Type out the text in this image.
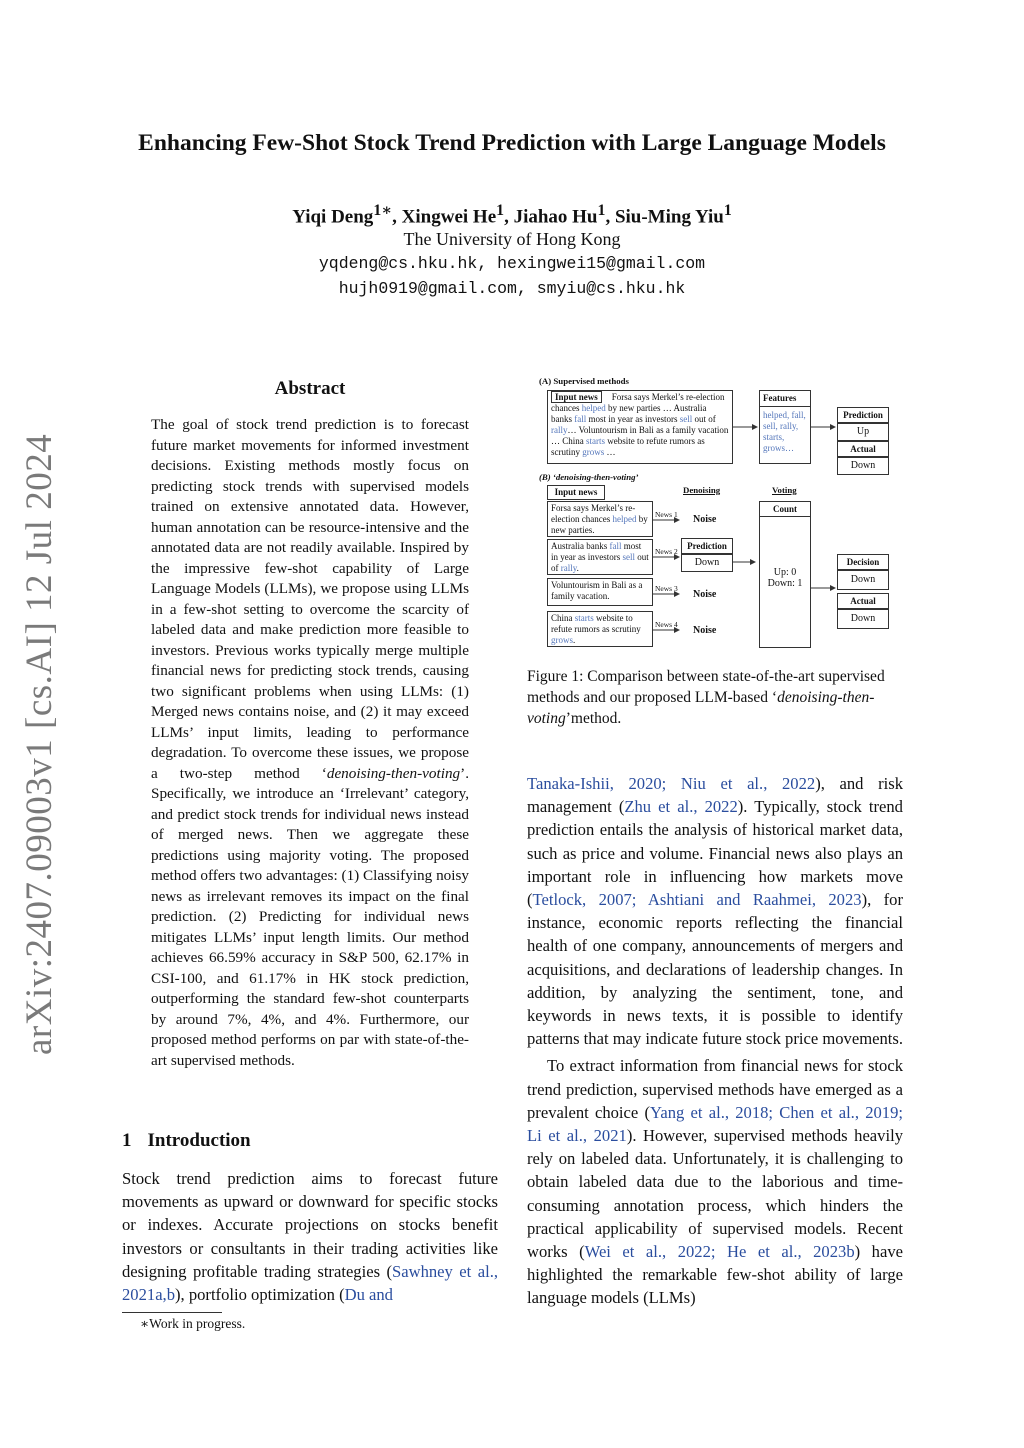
Enhancing Few-Shot Stock Trend Prediction with Large Language Models
Yiqi Deng$^{1∗}$, Xingwei He$^1$, Jiahao Hu$^1$, Siu-Ming Yiu$^1$
The University of Hong Kong
yqdeng@cs.hku.hk, hexingwei15@gmail.com
hujh0919@gmail.com, smyiu@cs.hku.hk
arXiv:2407.09003v1 [cs.AI] 12 Jul 2024
Abstract

The goal of stock trend prediction is to forecast future market movements for informed investment decisions. Existing methods mostly focus on predicting stock trends with supervised models trained on extensive annotated data. However, human annotation can be resource-intensive and the annotated data are not readily available. Inspired by the impressive few-shot capability of Large Language Models (LLMs), we propose using LLMs in a few-shot setting to overcome the scarcity of labeled data and make prediction more feasible to investors. Previous works typically merge multiple financial news for predicting stock trends, causing two significant problems when using LLMs: (1) Merged news contains noise, and (2) it may exceed LLMs’ input limits, leading to performance degradation. To overcome these issues, we propose a two-step method ‘denoising-then-voting’. Specifically, we introduce an ‘Irrelevant’ category, and predict stock trends for individual news instead of merged news. Then we aggregate these predictions using majority voting. The proposed method offers two advantages: (1) Classifying noisy news as irrelevant removes its impact on the final prediction. (2) Predicting for individual news mitigates LLMs’ input length limits. Our method achieves 66.59% accuracy in S&P 500, 62.17% in CSI-100, and 61.17% in HK stock prediction, outperforming the standard few-shot counterparts by around 7%, 4%, and 4%. Furthermore, our proposed method performs on par with state-of-the-art supervised methods.

1 Introduction

Stock trend prediction aims to forecast future movements as upward or downward for specific stocks or indexes. Accurate projections on stocks benefit investors or consultants in their trading activities like designing profitable trading strategies (Sawhney et al., 2021a,b), portfolio optimization (Du and

∗Work in progress.
(A) Supervised methods
Input news Forsa says Merkel’s re-election chances helped by new parties … Australia banks fall most in year as investors sell out of rally… Voluntourism in Bali as a family vacation … China starts website to refute rumors as scrutiny grows …
Features
helped, fall, sell, rally, starts, grows…
Prediction
Up
Actual
Down
(B) ‘denoising-then-voting’
Input news	Denoising	Voting
Forsa says Merkel’s re-election chances helped by new parties.
Australia banks fall most in year as investors sell out of rally.
Voluntourism in Bali as a family vacation.
China starts website to refute rumors as scrutiny grows.
News 1
News 2
News 3
News 4
Noise
Prediction
Down
Noise
Noise
Count
Up: 0
Down: 1
Decision
Down
Actual
Down
Figure 1: Comparison between state-of-the-art supervised methods and our proposed LLM-based ‘denoising-then-voting’method.

Tanaka-Ishii, 2020; Niu et al., 2022), and risk management (Zhu et al., 2022). Typically, stock trend prediction entails the analysis of historical market data, such as price and volume. Financial news also plays an important role in influencing how markets move (Tetlock, 2007; Ashtiani and Raahmei, 2023), for instance, economic reports reflecting the financial health of one company, announcements of mergers and acquisitions, and declarations of leadership changes. In addition, by analyzing the sentiment, tone, and keywords in news texts, it is possible to identify patterns that may indicate future stock price movements.

To extract information from financial news for stock trend prediction, supervised methods have emerged as a prevalent choice (Yang et al., 2018; Chen et al., 2019; Li et al., 2021). However, supervised methods heavily rely on labeled data. Unfortunately, it is challenging to obtain labeled data due to the laborious and time-consuming annotation process, which hinders the practical applicability of supervised models. Recent works (Wei et al., 2022; He et al., 2023b) have highlighted the remarkable few-shot ability of large language models (LLMs)
